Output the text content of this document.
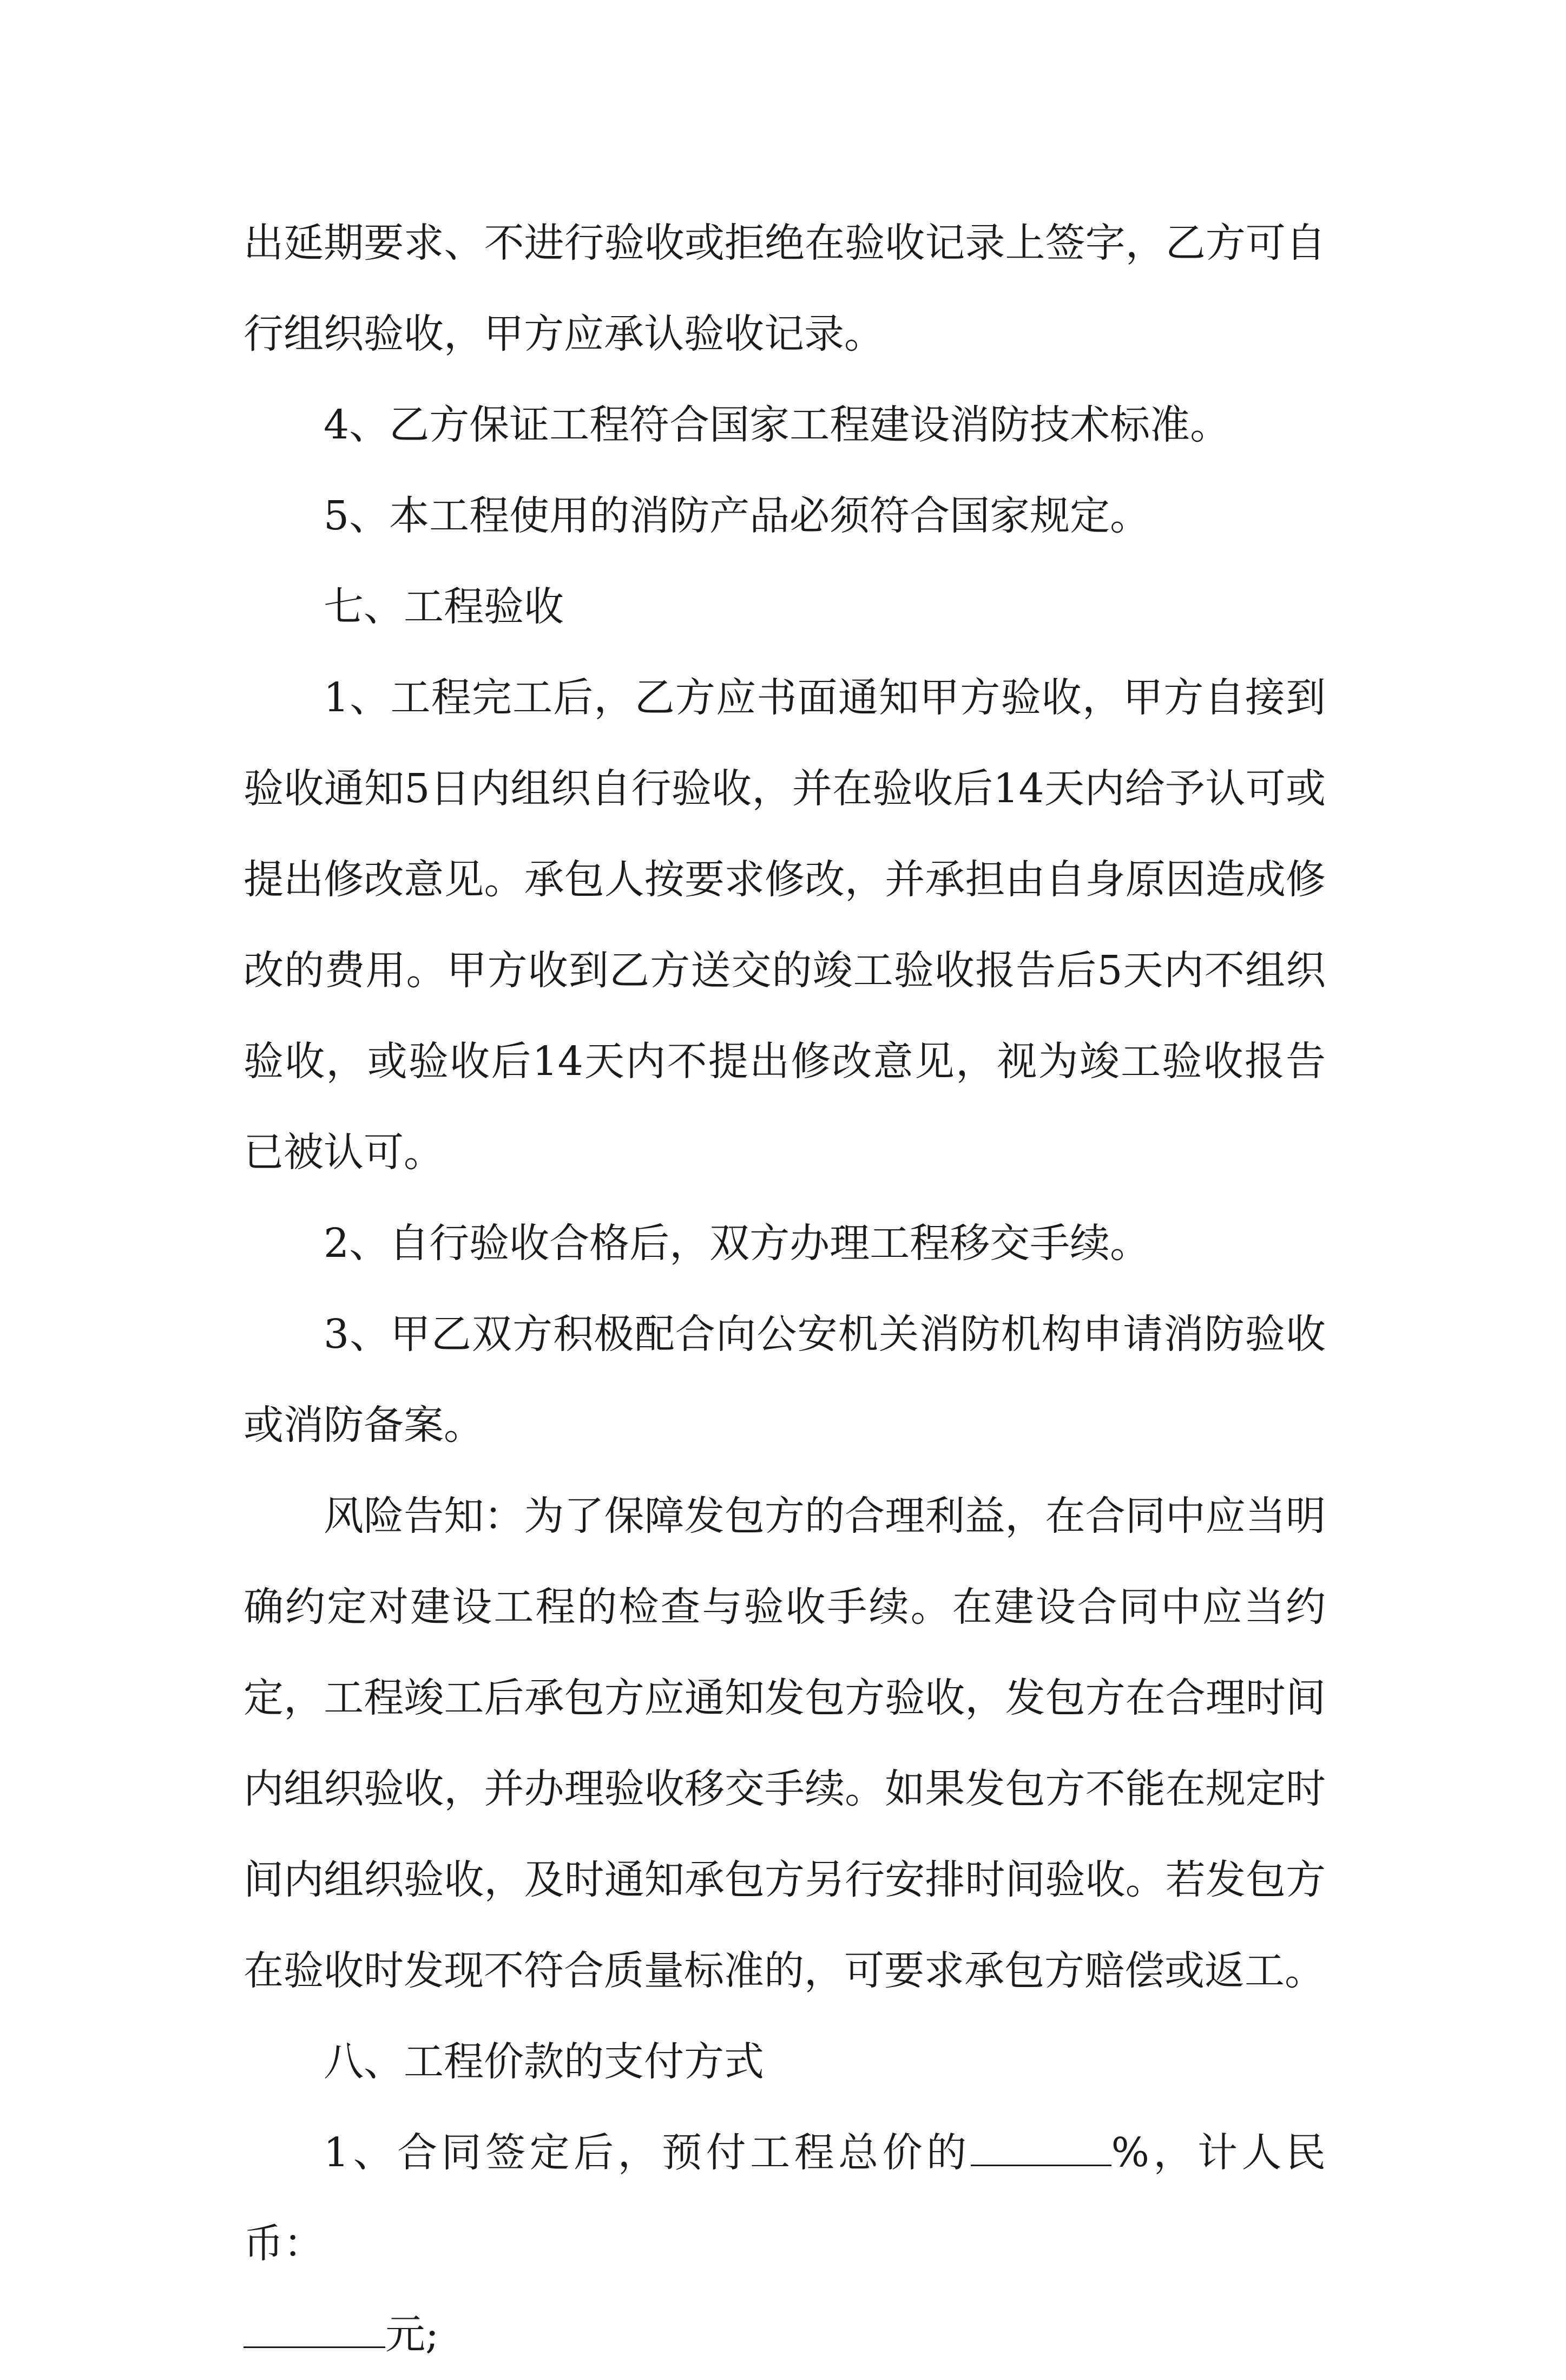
出延期要求、不进行验收或拒绝在验收记录上签字，乙方可自行组织验收，甲方应承认验收记录。

4、乙方保证工程符合国家工程建设消防技术标准。

5、本工程使用的消防产品必须符合国家规定。

七、工程验收

1、工程完工后，乙方应书面通知甲方验收，甲方自接到验收通知5日内组织自行验收，并在验收后14天内给予认可或提出修改意见。承包人按要求修改，并承担由自身原因造成修改的费用。甲方收到乙方送交的竣工验收报告后5天内不组织验收，或验收后14天内不提出修改意见，视为竣工验收报告已被认可。

2、自行验收合格后，双方办理工程移交手续。

3、甲乙双方积极配合向公安机关消防机构申请消防验收或消防备案。

风险告知：为了保障发包方的合理利益，在合同中应当明确约定对建设工程的检查与验收手续。在建设合同中应当约定，工程竣工后承包方应通知发包方验收，发包方在合理时间内组织验收，并办理验收移交手续。如果发包方不能在规定时间内组织验收，及时通知承包方另行安排时间验收。若发包方在验收时发现不符合质量标准的，可要求承包方赔偿或返工。

八、工程价款的支付方式

1、合同签定后，预付工程总价的	%，计人民币：
元;
